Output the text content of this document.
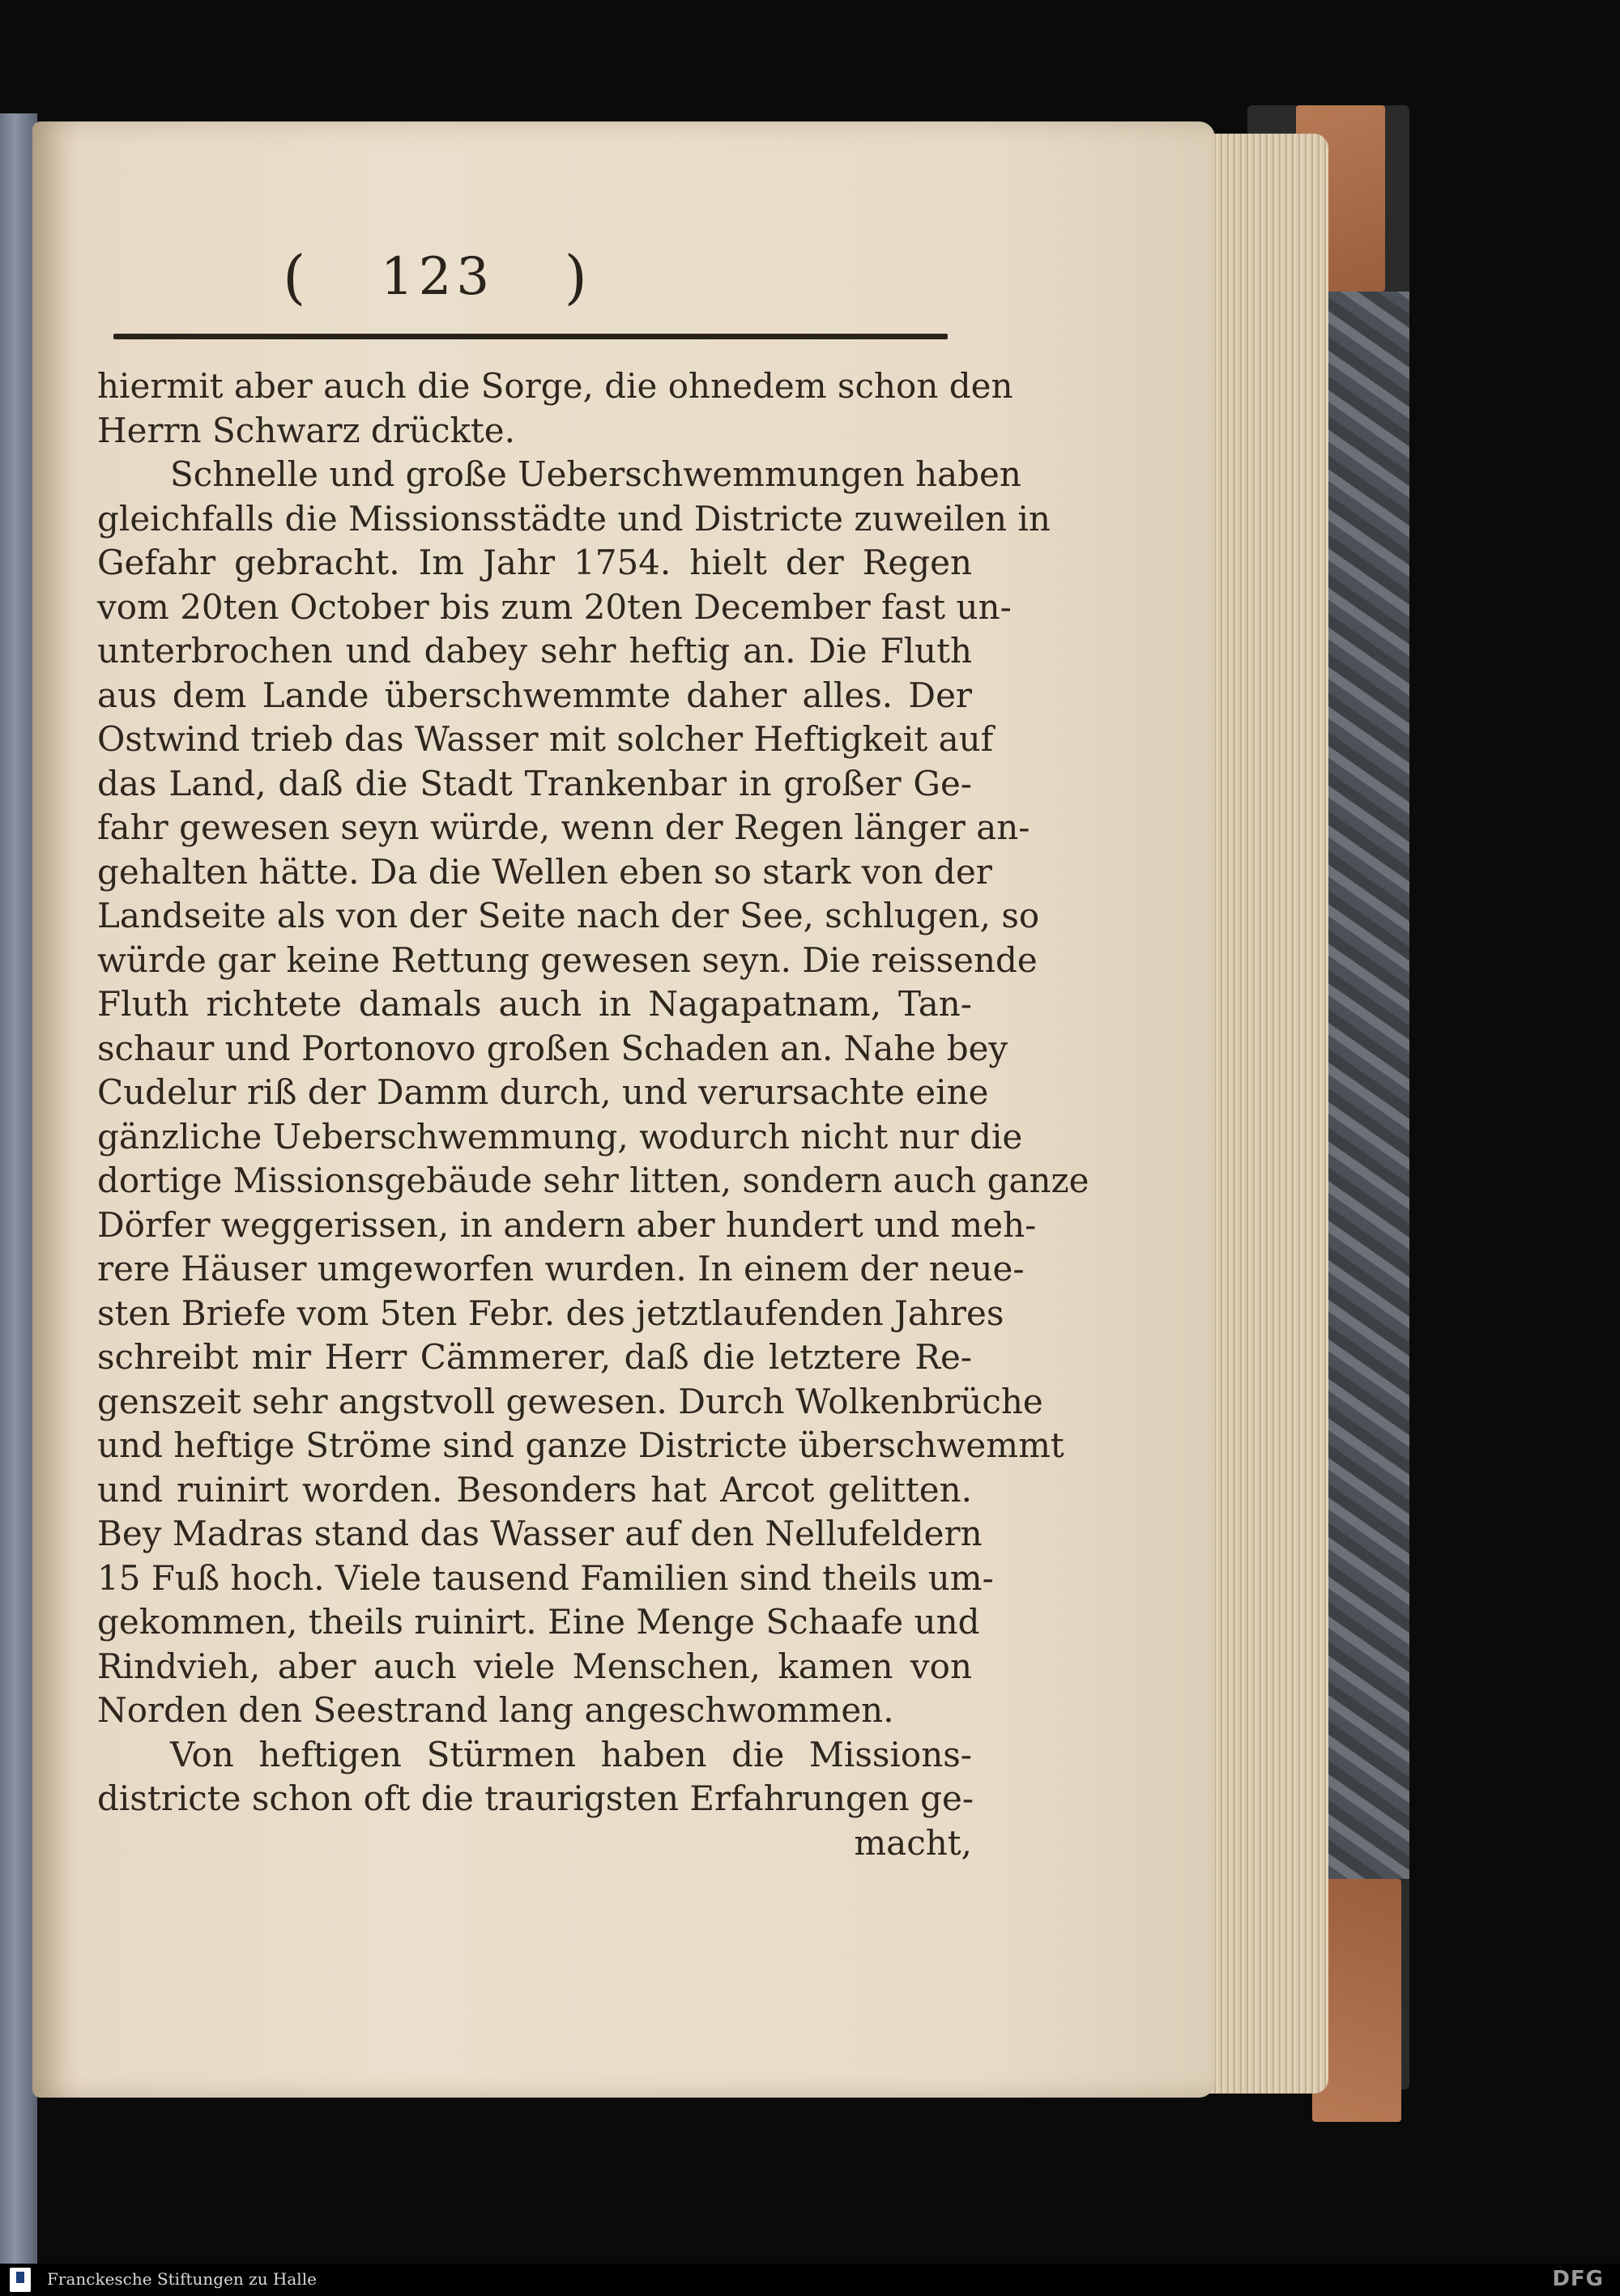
( 123 )
hiermit aber auch die Sorge, die ohnedem schon den
Herrn Schwarz drückte.
Schnelle und große Ueberschwemmungen haben
gleichfalls die Missionsstädte und Districte zuweilen in
Gefahr gebracht. Im Jahr 1754. hielt der Regen
vom 20ten October bis zum 20ten December fast un-
unterbrochen und dabey sehr heftig an. Die Fluth
aus dem Lande überschwemmte daher alles. Der
Ostwind trieb das Wasser mit solcher Heftigkeit auf
das Land, daß die Stadt Trankenbar in großer Ge-
fahr gewesen seyn würde, wenn der Regen länger an-
gehalten hätte. Da die Wellen eben so stark von der
Landseite als von der Seite nach der See, schlugen, so
würde gar keine Rettung gewesen seyn. Die reissende
Fluth richtete damals auch in Nagapatnam, Tan-
schaur und Portonovo großen Schaden an. Nahe bey
Cudelur riß der Damm durch, und verursachte eine
gänzliche Ueberschwemmung, wodurch nicht nur die
dortige Missionsgebäude sehr litten, sondern auch ganze
Dörfer weggerissen, in andern aber hundert und meh-
rere Häuser umgeworfen wurden. In einem der neue-
sten Briefe vom 5ten Febr. des jetztlaufenden Jahres
schreibt mir Herr Cämmerer, daß die letztere Re-
genszeit sehr angstvoll gewesen. Durch Wolkenbrüche
und heftige Ströme sind ganze Districte überschwemmt
und ruinirt worden. Besonders hat Arcot gelitten.
Bey Madras stand das Wasser auf den Nellufeldern
15 Fuß hoch. Viele tausend Familien sind theils um-
gekommen, theils ruinirt. Eine Menge Schaafe und
Rindvieh, aber auch viele Menschen, kamen von
Norden den Seestrand lang angeschwommen.
Von heftigen Stürmen haben die Missions-
districte schon oft die traurigsten Erfahrungen ge-
macht,
Franckesche Stiftungen zu Halle	DFG
